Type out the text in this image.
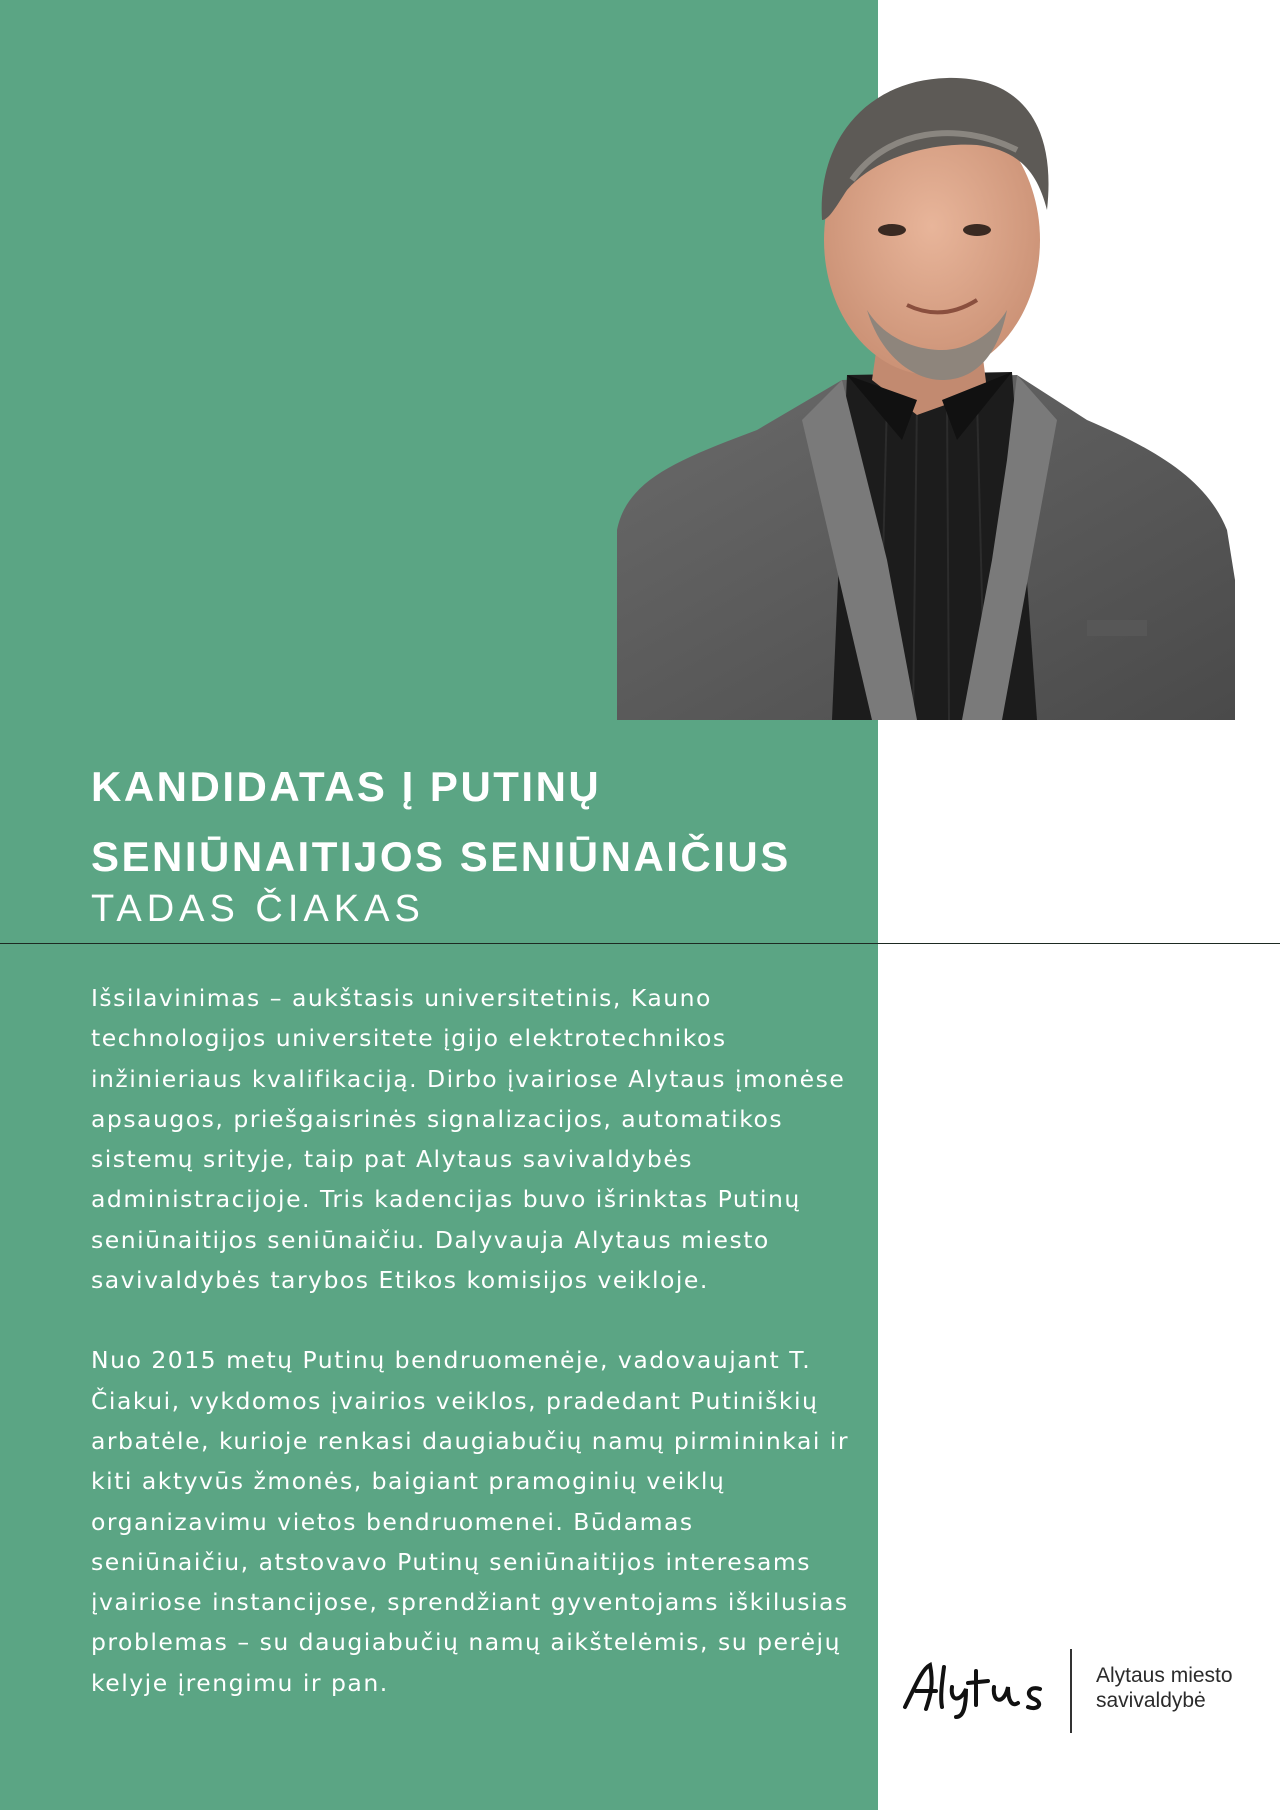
KANDIDATAS Į PUTINŲ
SENIŪNAITIJOS SENIŪNAIČIUS
TADAS ČIAKAS

Išsilavinimas – aukštasis universitetinis, Kauno technologijos universitete įgijo elektrotechnikos inžinieriaus kvalifikaciją. Dirbo įvairiose Alytaus įmonėse apsaugos, priešgaisrinės signalizacijos, automatikos sistemų srityje, taip pat Alytaus savivaldybės administracijoje. Tris kadencijas buvo išrinktas Putinų seniūnaitijos seniūnaičiu. Dalyvauja Alytaus miesto savivaldybės tarybos Etikos komisijos veikloje.

Nuo 2015 metų Putinų bendruomenėje, vadovaujant T. Čiakui, vykdomos įvairios veiklos, pradedant Putiniškių arbatėle, kurioje renkasi daugiabučių namų pirmininkai ir kiti aktyvūs žmonės, baigiant pramoginių veiklų organizavimu vietos bendruomenei. Būdamas seniūnaičiu, atstovavo Putinų seniūnaitijos interesams įvairiose instancijose, sprendžiant gyventojams iškilusias problemas – su daugiabučių namų aikštelėmis, su perėjų kelyje įrengimu ir pan.	Alytaus miesto
savivaldybė
